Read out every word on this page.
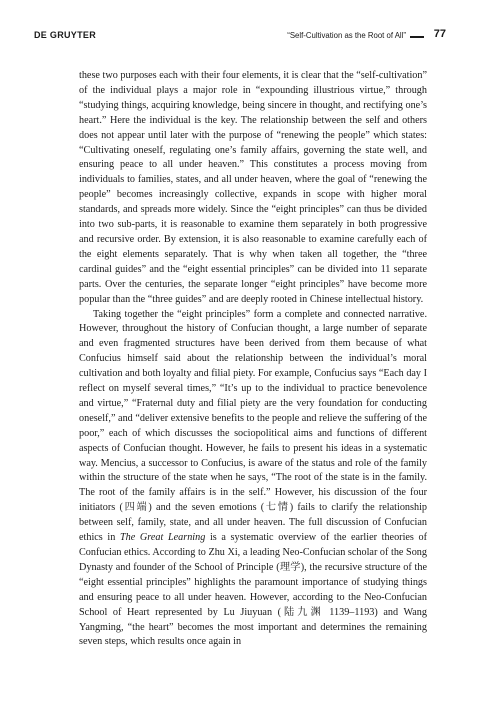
DE GRUYTER	“Self-Cultivation as the Root of All”	77

these two purposes each with their four elements, it is clear that the “self-cultivation” of the individual plays a major role in “expounding illustrious virtue,” through “studying things, acquiring knowledge, being sincere in thought, and rectifying one’s heart.” Here the individual is the key. The relationship between the self and others does not appear until later with the purpose of “renewing the people” which states: “Cultivating oneself, regulating one’s family affairs, governing the state well, and ensuring peace to all under heaven.” This constitutes a process moving from individuals to families, states, and all under heaven, where the goal of “renewing the people” becomes increasingly collective, expands in scope with higher moral standards, and spreads more widely. Since the “eight principles” can thus be divided into two sub-parts, it is reasonable to examine them separately in both progressive and recursive order. By extension, it is also reasonable to examine carefully each of the eight elements separately. That is why when taken all together, the “three cardinal guides” and the “eight essential principles” can be divided into 11 separate parts. Over the centuries, the separate longer “eight principles” have become more popular than the “three guides” and are deeply rooted in Chinese intellectual history.

Taking together the “eight principles” form a complete and connected narrative. However, throughout the history of Confucian thought, a large number of separate and even fragmented structures have been derived from them because of what Confucius himself said about the relationship between the individual’s moral cultivation and both loyalty and filial piety. For example, Confucius says “Each day I reflect on myself several times,” “It’s up to the individual to practice benevolence and virtue,” “Fraternal duty and filial piety are the very foundation for conducting oneself,” and “deliver extensive benefits to the people and relieve the suffering of the poor,” each of which discusses the sociopolitical aims and functions of different aspects of Confucian thought. However, he fails to present his ideas in a systematic way. Mencius, a successor to Confucius, is aware of the status and role of the family within the structure of the state when he says, “The root of the state is in the family. The root of the family affairs is in the self.” However, his discussion of the four initiators (四端) and the seven emotions (七情) fails to clarify the relationship between self, family, state, and all under heaven. The full discussion of Confucian ethics in The Great Learning is a systematic overview of the earlier theories of Confucian ethics. According to Zhu Xi, a leading Neo-Confucian scholar of the Song Dynasty and founder of the School of Principle (理学), the recursive structure of the “eight essential principles” highlights the paramount importance of studying things and ensuring peace to all under heaven. However, according to the Neo-Confucian School of Heart represented by Lu Jiuyuan (陆九渊 1139–1193) and Wang Yangming, “the heart” becomes the most important and determines the remaining seven steps, which results once again in
